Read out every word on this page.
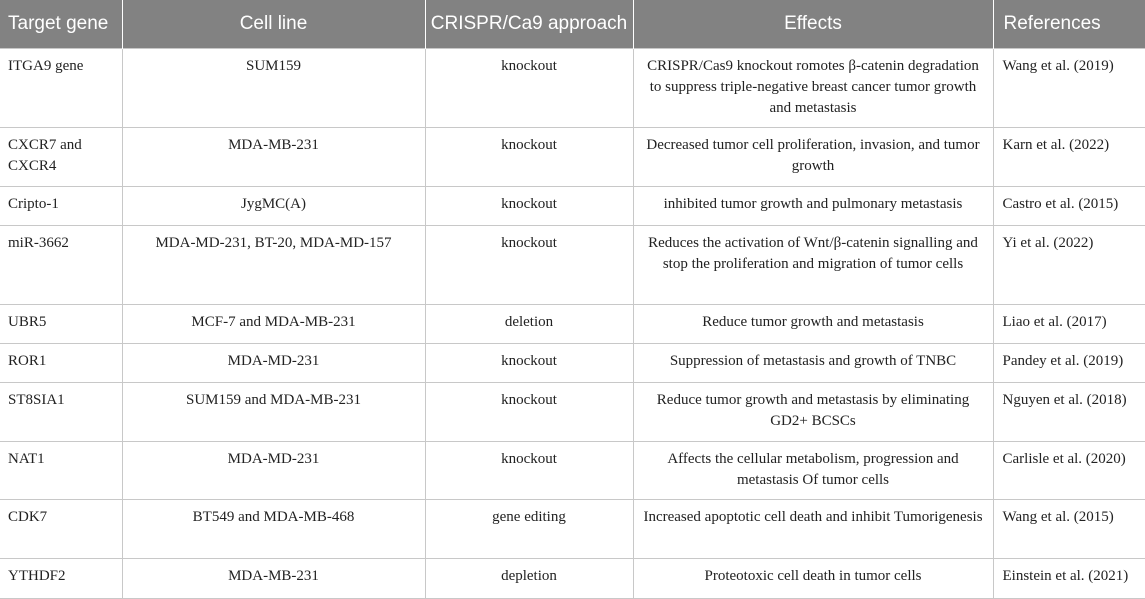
Target gene	Cell line	CRISPR/Ca9 approach	Effects	References
ITGA9 gene	SUM159	knockout	CRISPR/Cas9 knockout romotes β-catenin degradation to suppress triple-negative breast cancer tumor growth and metastasis	Wang et al. (2019)
CXCR7 and CXCR4	MDA-MB-231	knockout	Decreased tumor cell proliferation, invasion, and tumor growth	Karn et al. (2022)
Cripto-1	JygMC(A)	knockout	inhibited tumor growth and pulmonary metastasis	Castro et al. (2015)
miR-3662	MDA-MD-231, BT-20, MDA-MD-157	knockout	Reduces the activation of Wnt/β-catenin signalling and stop the proliferation and migration of tumor cells	Yi et al. (2022)
UBR5	MCF-7 and MDA-MB-231	deletion	Reduce tumor growth and metastasis	Liao et al. (2017)
ROR1	MDA-MD-231	knockout	Suppression of metastasis and growth of TNBC	Pandey et al. (2019)
ST8SIA1	SUM159 and MDA-MB-231	knockout	Reduce tumor growth and metastasis by eliminating GD2+ BCSCs	Nguyen et al. (2018)
NAT1	MDA-MD-231	knockout	Affects the cellular metabolism, progression and metastasis Of tumor cells	Carlisle et al. (2020)
CDK7	BT549 and MDA-MB-468	gene editing	Increased apoptotic cell death and inhibit Tumorigenesis	Wang et al. (2015)
YTHDF2	MDA-MB-231	depletion	Proteotoxic cell death in tumor cells	Einstein et al. (2021)
